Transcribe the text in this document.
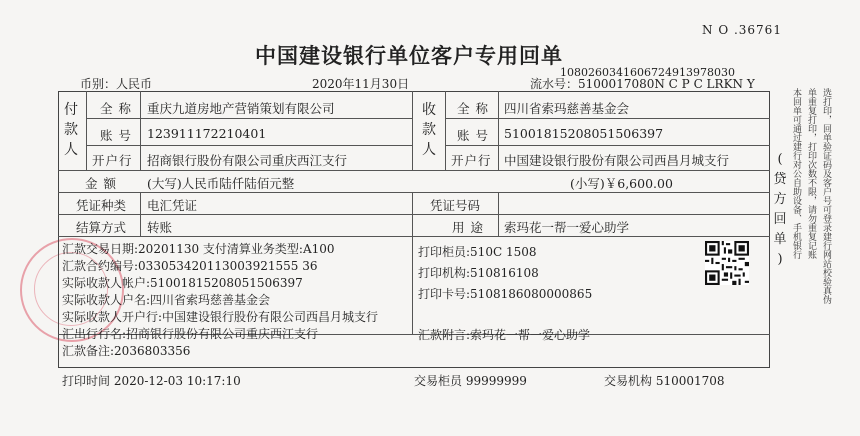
N O .36761
中国建设银行单位客户专用回单
1080260341606724913978030
币别：人民币	2020年11月30日	流水号：5100017080N C P C LRKN Y
付
款
人
收
款
人
全 称 重庆九道房地产营销策划有限公司
账 号 123911172210401
开户行 招商银行股份有限公司重庆西江支行
全 称 四川省索玛慈善基金会
账 号 510018152080515063​97
开户行 中国建设银行股份有限公司西昌月城支行
金 额 (大写)人民币陆仟陆佰元整	(小写)￥6,600.00
凭证种类 电汇凭证	凭证号码
结算方式 转账	用 途 索玛花一帮一爱心助学
汇款交易日期:20201130 支付清算业务类型:A100
汇款合约编号:033053420113003921555 36
实际收款人帐户:51001815208051506397
实际收款人户名:四川省索玛慈善基金会
实际收款人开户行:中国建设银行股份有限公司西昌月城支行
汇出行行名:招商银行股份有限公司重庆西江支行
汇款备注:2036803356
打印柜员:510C 1508
打印机构:510816108
打印卡号:5108186080000865
汇款附言:索玛花一帮一爱心助学
(
贷
方
回
单
)	选打印，回单验证码及客户号可登录建行网站校验真伪
单重复打印，打印次数不限，请勿重复记账
本回单可通过建行对公自助设备、手机银行
打印时间 2020-12-03 10:17:10	交易柜员 99999999	交易机构 510001708
